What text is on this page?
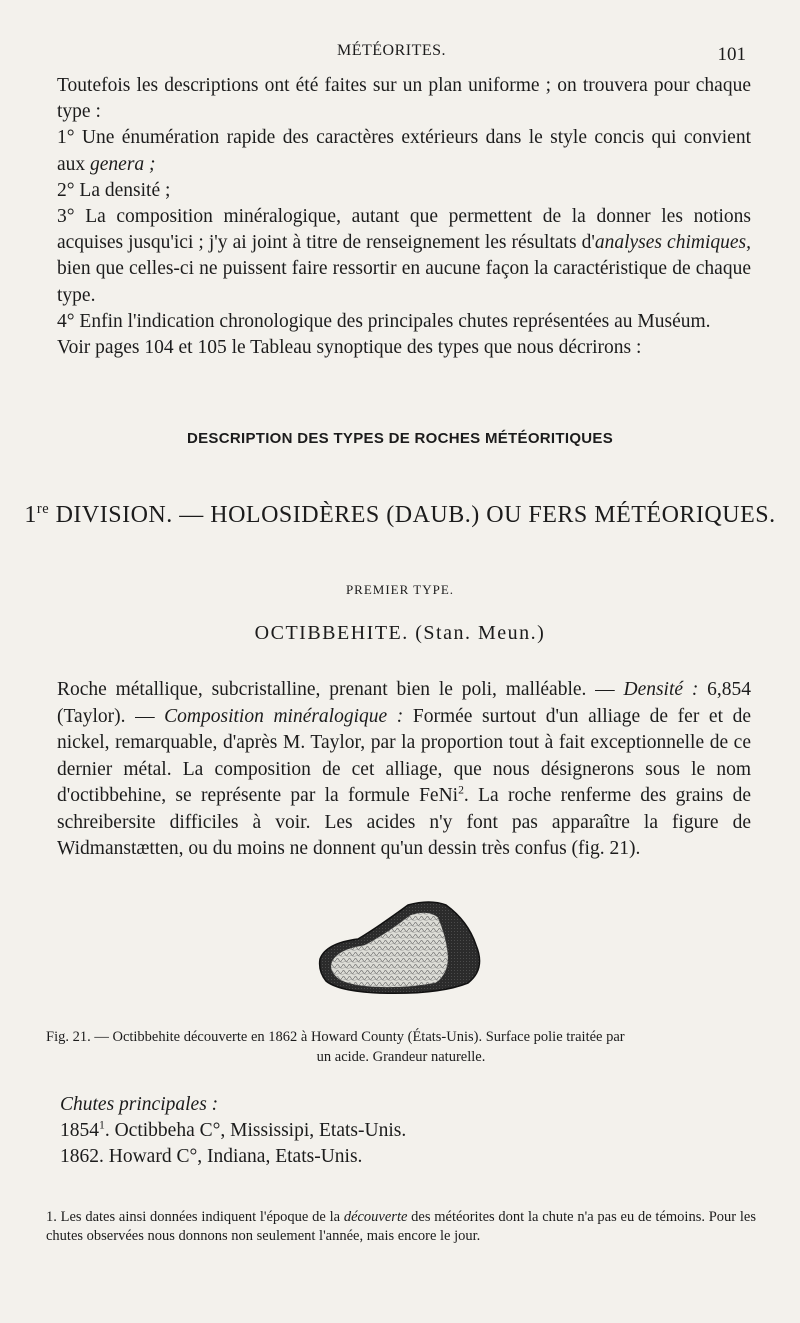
MÉTÉORITES.	101

Toutefois les descriptions ont été faites sur un plan uniforme ; on trouvera pour chaque type :

1° Une énumération rapide des caractères extérieurs dans le style concis qui convient aux genera ;

2° La densité ;

3° La composition minéralogique, autant que permettent de la donner les notions acquises jusqu'ici ; j'y ai joint à titre de renseignement les résultats d'analyses chimiques, bien que celles-ci ne puissent faire ressortir en aucune façon la caractéristique de chaque type.

4° Enfin l'indication chronologique des principales chutes représentées au Muséum.

Voir pages 104 et 105 le Tableau synoptique des types que nous décrirons :

DESCRIPTION DES TYPES DE ROCHES MÉTÉORITIQUES
1re DIVISION. — HOLOSIDÈRES (DAUB.) OU FERS MÉTÉORIQUES.
PREMIER TYPE.
OCTIBBEHITE. (Stan. Meun.)

Roche métallique, subcristalline, prenant bien le poli, malléable. — Densité : 6,854 (Taylor). — Composition minéralogique : Formée surtout d'un alliage de fer et de nickel, remarquable, d'après M. Taylor, par la proportion tout à fait exceptionnelle de ce dernier métal. La composition de cet alliage, que nous désignerons sous le nom d'octibbehine, se représente par la formule FeNi$^2$. La roche renferme des grains de schreibersite difficiles à voir. Les acides n'y font pas apparaître la figure de Widmanstætten, ou du moins ne donnent qu'un dessin très confus (fig. 21).

Fig. 21. — Octibbehite découverte en 1862 à Howard County (États-Unis). Surface polie traitée par
un acide. Grandeur naturelle.
Chutes principales :
1854$^1$. Octibbeha C°, Mississipi, Etats-Unis.
1862. Howard C°, Indiana, Etats-Unis.
1. Les dates ainsi données indiquent l'époque de la découverte des météorites dont la chute n'a pas eu de témoins. Pour les chutes observées nous donnons non seulement l'année, mais encore le jour.
